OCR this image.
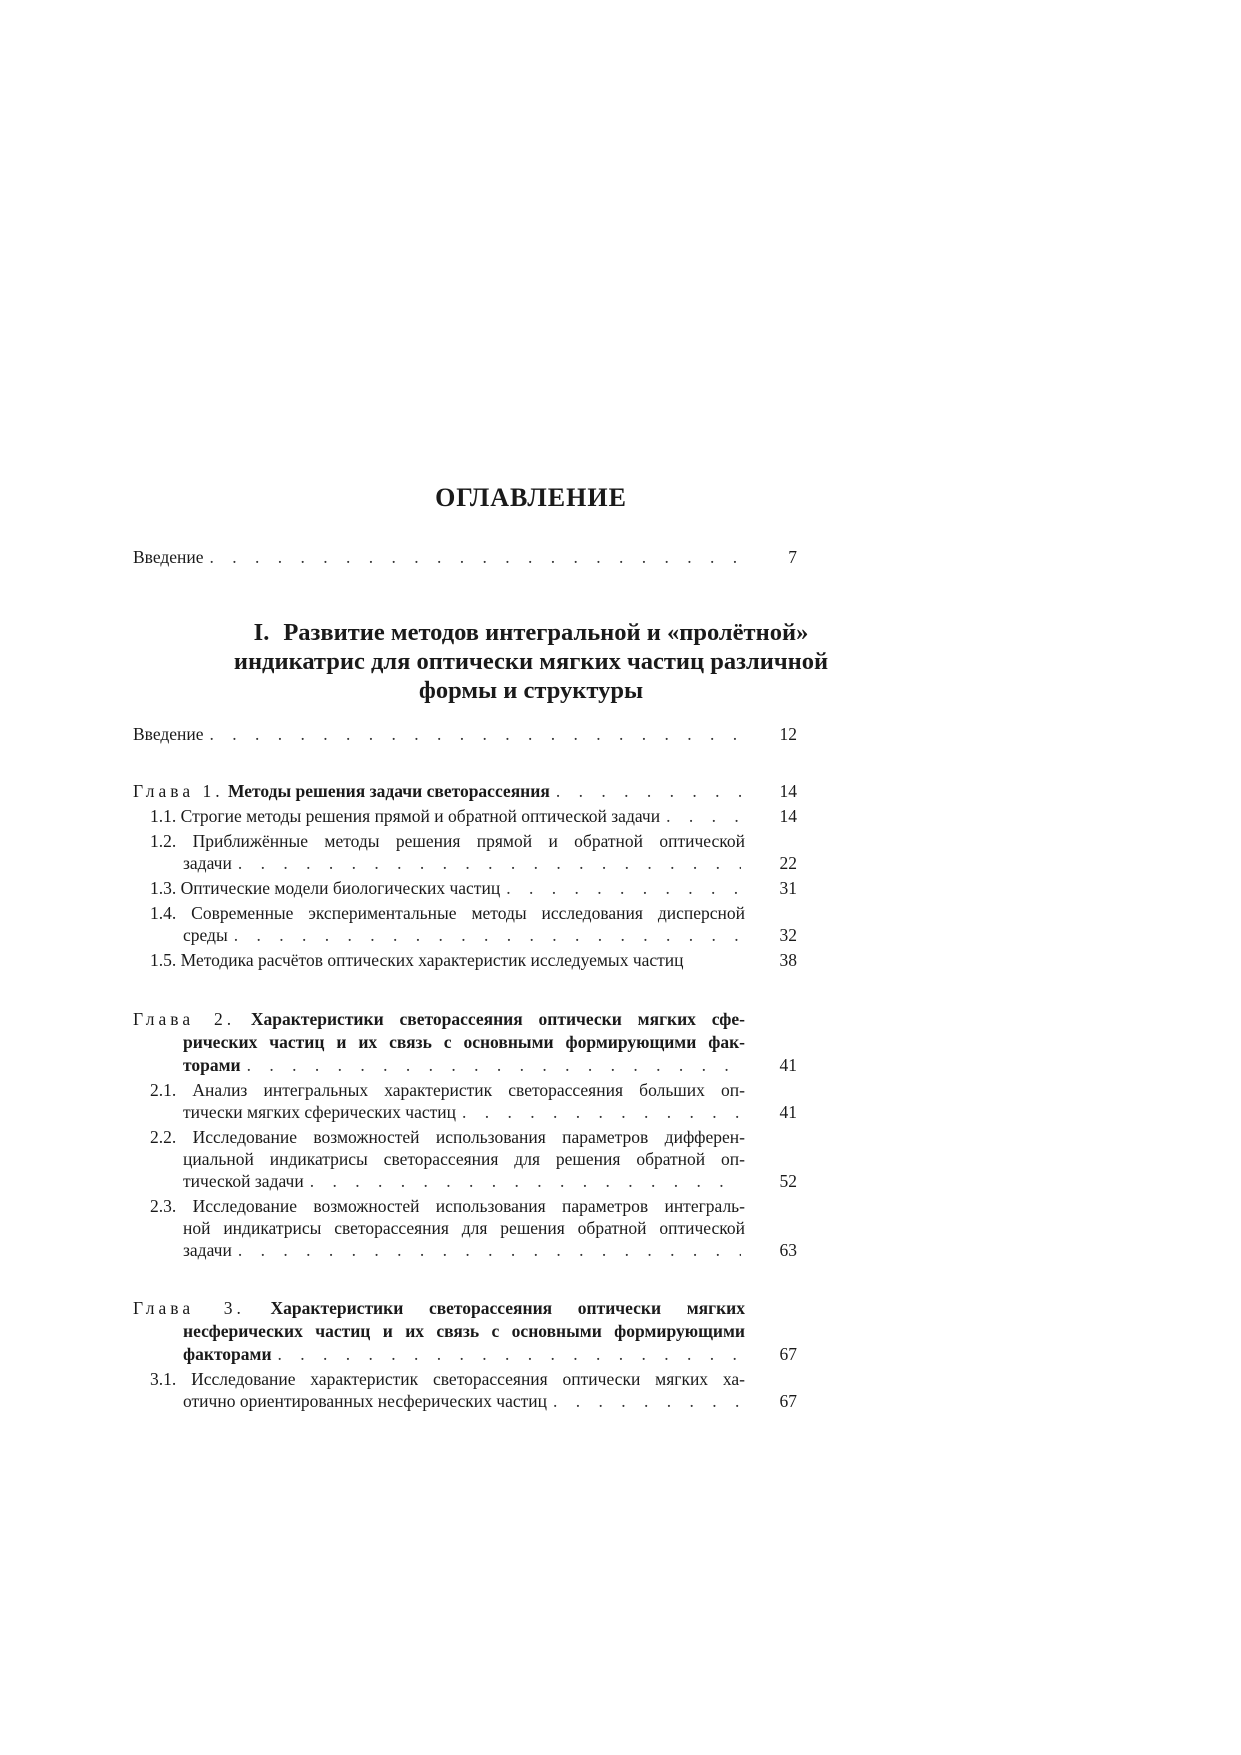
ОГЛАВЛЕНИЕ
Введение . . .	7
I. Развитие методов интегральной и «пролётной»
индикатрис для оптически мягких частиц различной
формы и структуры
Введение . . .	12
Глава 1. Методы решения задачи светорассеяния . . .	14
1.1. Строгие методы решения прямой и обратной оптической задачи . . .	14
1.2. Приближённые методы решения прямой и обратной оптической
задачи . . .	22
1.3. Оптические модели биологических частиц . . .	31
1.4. Современные экспериментальные методы исследования дисперсной
среды . . .	32
1.5. Методика расчётов оптических характеристик исследуемых частиц	38
Глава 2. Характеристики светорассеяния оптически мягких сфе-
рических частиц и их связь с основными формирующими фак-
торами . . .	41
2.1. Анализ интегральных характеристик светорассеяния больших оп-
тически мягких сферических частиц . . .	41
2.2. Исследование возможностей использования параметров дифферен-
циальной индикатрисы светорассеяния для решения обратной оп-
тической задачи . . .	52
2.3. Исследование возможностей использования параметров интеграль-
ной индикатрисы светорассеяния для решения обратной оптической
задачи . . .	63
Глава 3. Характеристики светорассеяния оптически мягких
несферических частиц и их связь с основными формирующими
факторами . . .	67
3.1. Исследование характеристик светорассеяния оптически мягких ха-
отично ориентированных несферических частиц . . .	67
